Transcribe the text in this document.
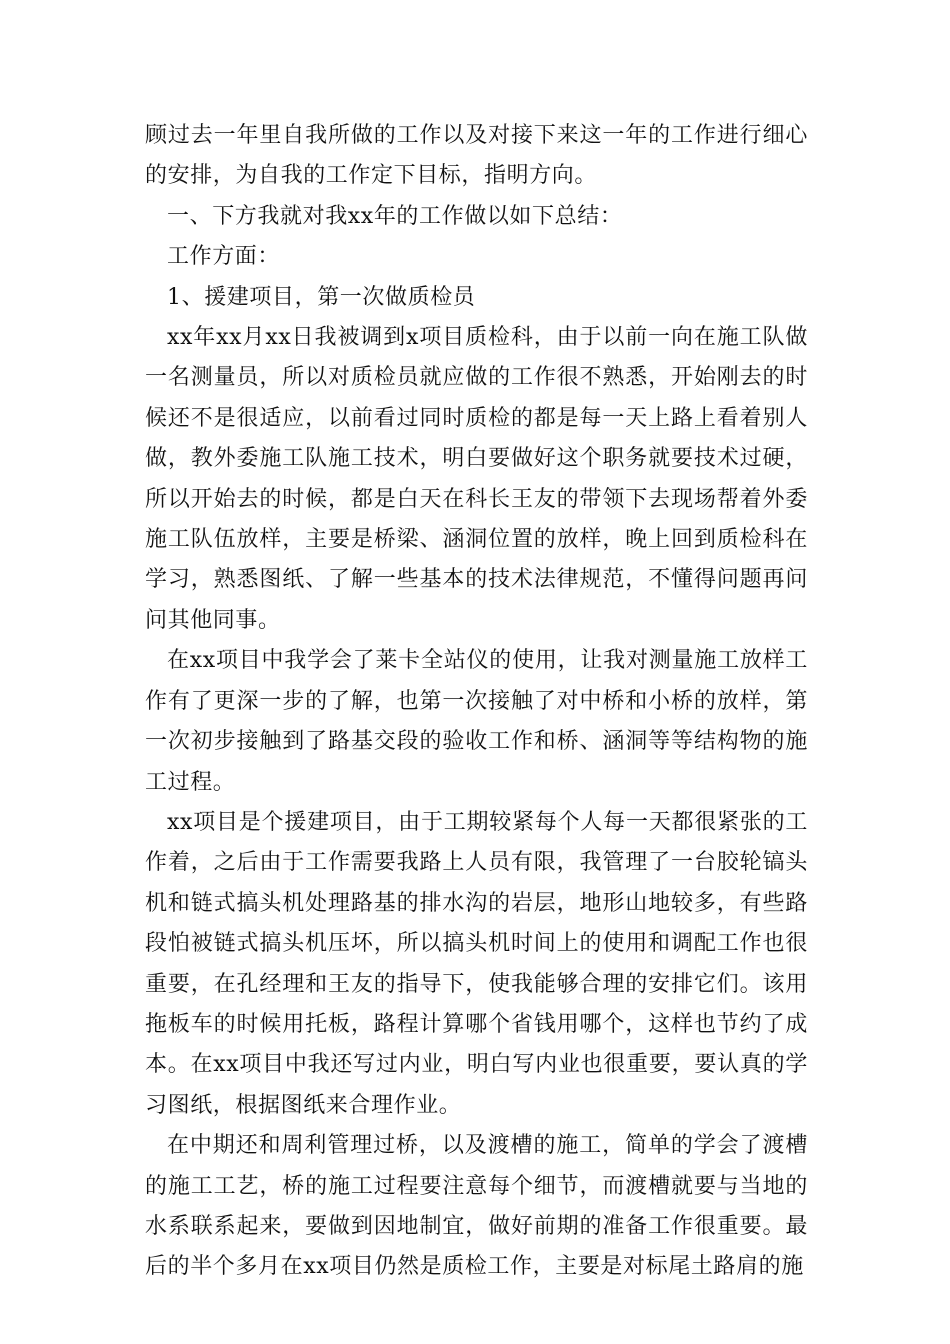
顾过去一年里自我所做的工作以及对接下来这一年的工作进行细心的安排，为自我的工作定下目标，指明方向。

一、下方我就对我xx年的工作做以如下总结：

工作方面：

1、援建项目，第一次做质检员

xx年xx月xx日我被调到x项目质检科，由于以前一向在施工队做一名测量员，所以对质检员就应做的工作很不熟悉，开始刚去的时候还不是很适应，以前看过同时质检的都是每一天上路上看着别人做，教外委施工队施工技术，明白要做好这个职务就要技术过硬，所以开始去的时候，都是白天在科长王友的带领下去现场帮着外委施工队伍放样，主要是桥梁、涵洞位置的放样，晚上回到质检科在学习，熟悉图纸、了解一些基本的技术法律规范，不懂得问题再问问其他同事。

在xx项目中我学会了莱卡全站仪的使用，让我对测量施工放样工作有了更深一步的了解，也第一次接触了对中桥和小桥的放样，第一次初步接触到了路基交段的验收工作和桥、涵洞等等结构物的施工过程。

xx项目是个援建项目，由于工期较紧每个人每一天都很紧张的工作着，之后由于工作需要我路上人员有限，我管理了一台胶轮镐头机和链式搞头机处理路基的排水沟的岩层，地形山地较多，有些路段怕被链式搞头机压坏，所以搞头机时间上的使用和调配工作也很重要，在孔经理和王友的指导下，使我能够合理的安排它们。该用拖板车的时候用托板，路程计算哪个省钱用哪个，这样也节约了成本。在xx项目中我还写过内业，明白写内业也很重要，要认真的学习图纸，根据图纸来合理作业。

在中期还和周利管理过桥，以及渡槽的施工，简单的学会了渡槽的施工工艺，桥的施工过程要注意每个细节，而渡槽就要与当地的水系联系起来，要做到因地制宜，做好前期的准备工作很重要。最后的半个多月在xx项目仍然是质检工作，主要是对标尾土路肩的施
